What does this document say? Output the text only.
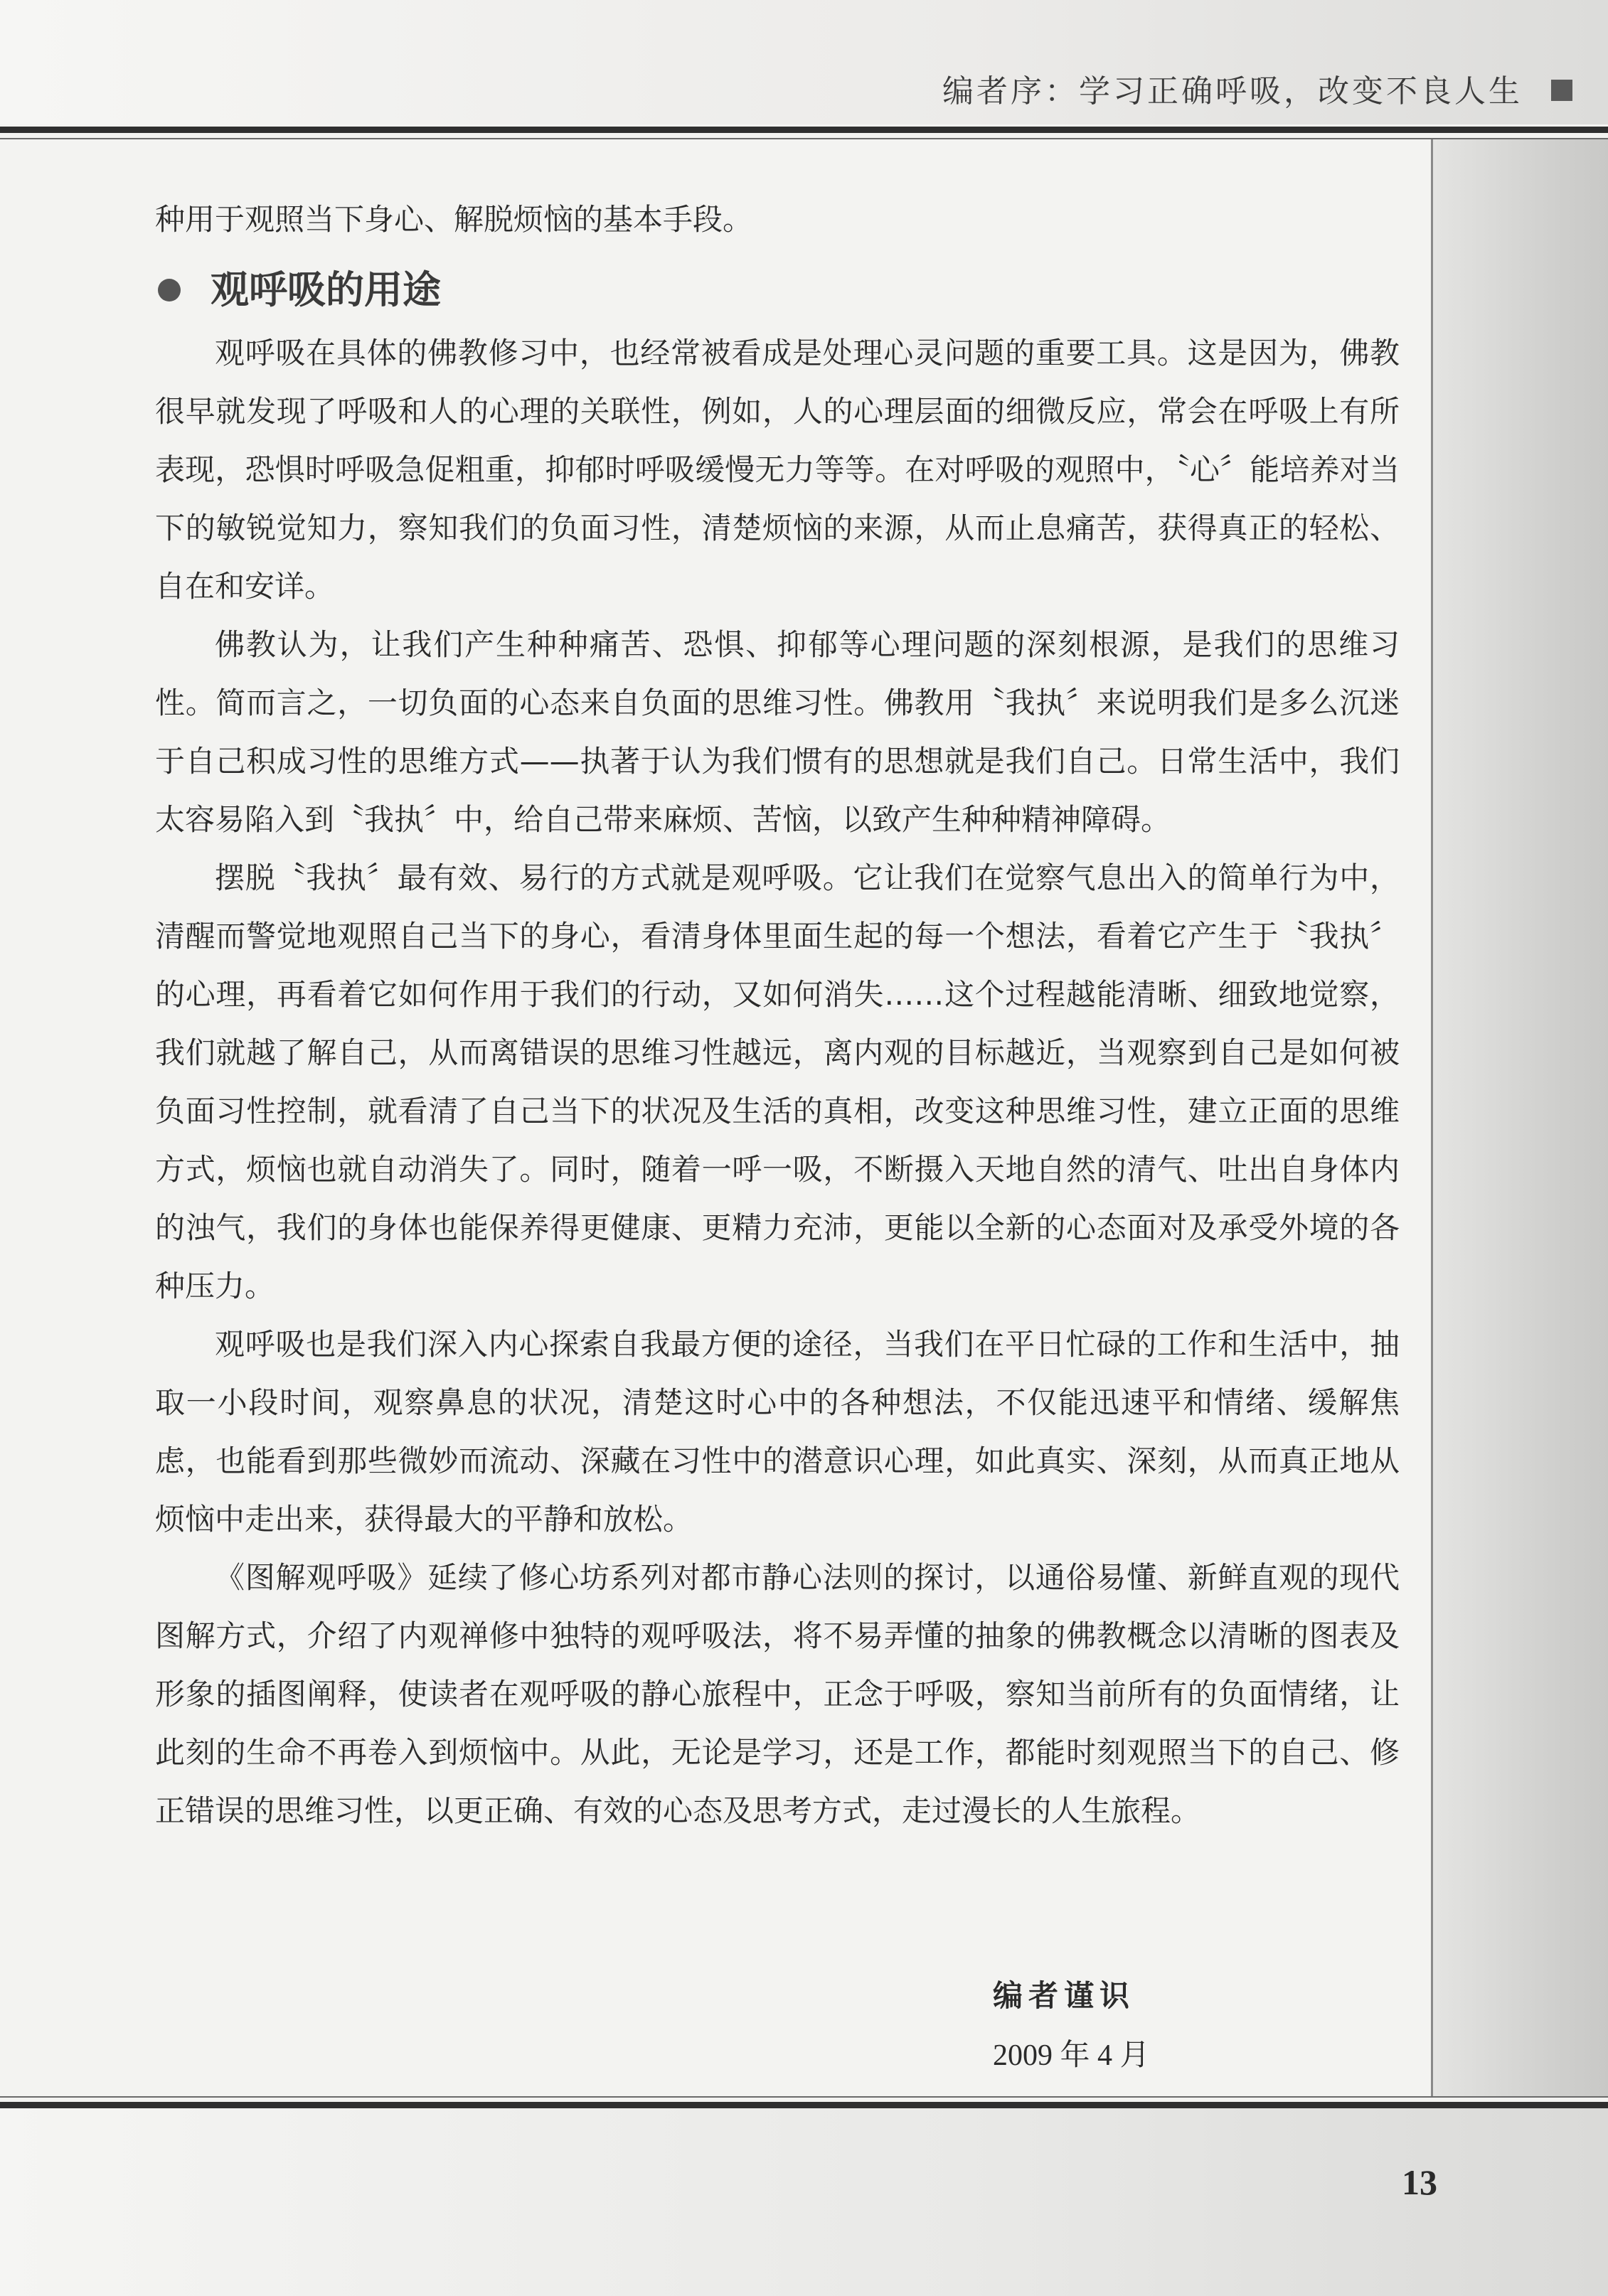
编者序：学习正确呼吸，改变不良人生

种用于观照当下身心、解脱烦恼的基本手段。

观呼吸的用途

观呼吸在具体的佛教修习中，也经常被看成是处理心灵问题的重要工具。这是因为，佛教很早就发现了呼吸和人的心理的关联性，例如，人的心理层面的细微反应，常会在呼吸上有所表现，恐惧时呼吸急促粗重，抑郁时呼吸缓慢无力等等。在对呼吸的观照中，〝心〞能培养对当下的敏锐觉知力，察知我们的负面习性，清楚烦恼的来源，从而止息痛苦，获得真正的轻松、自在和安详。

佛教认为，让我们产生种种痛苦、恐惧、抑郁等心理问题的深刻根源，是我们的思维习性。简而言之，一切负面的心态来自负面的思维习性。佛教用〝我执〞来说明我们是多么沉迷于自己积成习性的思维方式——执著于认为我们惯有的思想就是我们自己。日常生活中，我们太容易陷入到〝我执〞中，给自己带来麻烦、苦恼，以致产生种种精神障碍。

摆脱〝我执〞最有效、易行的方式就是观呼吸。它让我们在觉察气息出入的简单行为中，清醒而警觉地观照自己当下的身心，看清身体里面生起的每一个想法，看着它产生于〝我执〞的心理，再看着它如何作用于我们的行动，又如何消失……这个过程越能清晰、细致地觉察，我们就越了解自己，从而离错误的思维习性越远，离内观的目标越近，当观察到自己是如何被负面习性控制，就看清了自己当下的状况及生活的真相，改变这种思维习性，建立正面的思维方式，烦恼也就自动消失了。同时，随着一呼一吸，不断摄入天地自然的清气、吐出自身体内的浊气，我们的身体也能保养得更健康、更精力充沛，更能以全新的心态面对及承受外境的各种压力。

观呼吸也是我们深入内心探索自我最方便的途径，当我们在平日忙碌的工作和生活中，抽取一小段时间，观察鼻息的状况，清楚这时心中的各种想法，不仅能迅速平和情绪、缓解焦虑，也能看到那些微妙而流动、深藏在习性中的潜意识心理，如此真实、深刻，从而真正地从烦恼中走出来，获得最大的平静和放松。

《图解观呼吸》延续了修心坊系列对都市静心法则的探讨，以通俗易懂、新鲜直观的现代图解方式，介绍了内观禅修中独特的观呼吸法，将不易弄懂的抽象的佛教概念以清晰的图表及形象的插图阐释，使读者在观呼吸的静心旅程中，正念于呼吸，察知当前所有的负面情绪，让此刻的生命不再卷入到烦恼中。从此，无论是学习，还是工作，都能时刻观照当下的自己、修正错误的思维习性，以更正确、有效的心态及思考方式，走过漫长的人生旅程。

编者谨识
2009 年 4 月
13
